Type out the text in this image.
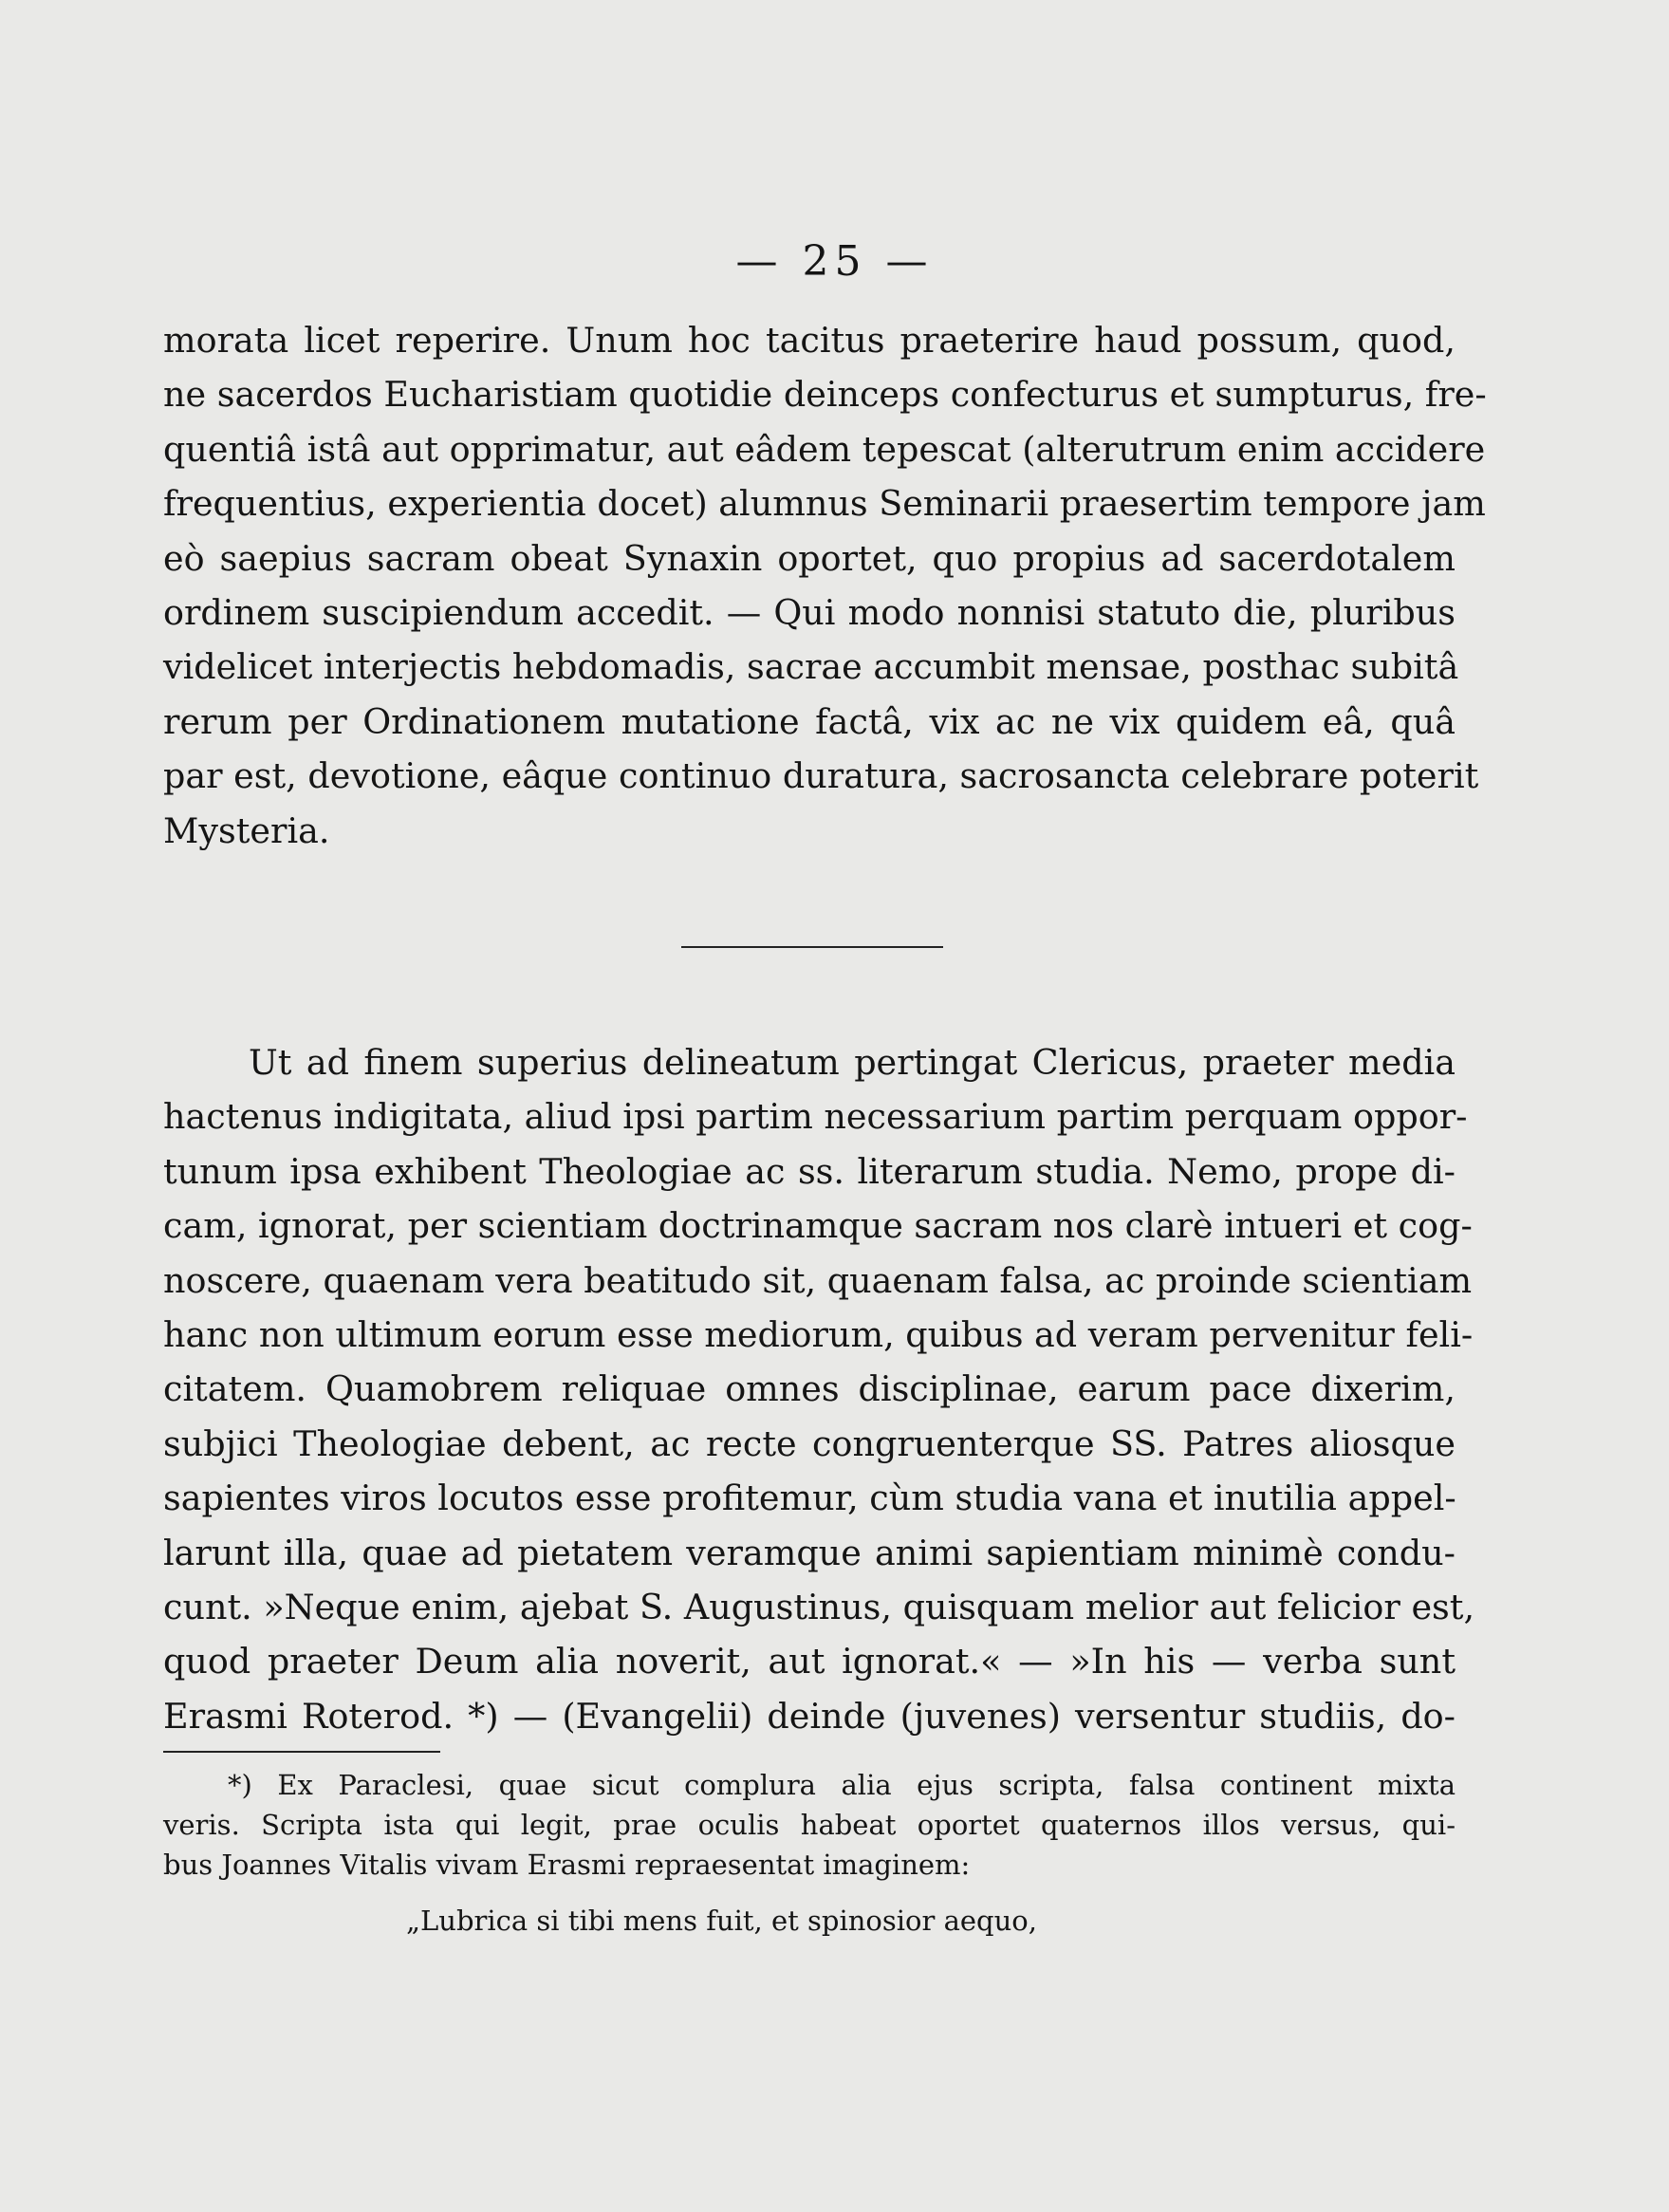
— 25 —
morata licet reperire. Unum hoc tacitus praeterire haud possum, quod,
ne sacerdos Eucharistiam quotidie deinceps confecturus et sumpturus, fre-
quentiâ istâ aut opprimatur, aut eâdem tepescat (alterutrum enim accidere
frequentius, experientia docet) alumnus Seminarii praesertim tempore jam
eò saepius sacram obeat Synaxin oportet, quo propius ad sacerdotalem
ordinem suscipiendum accedit. — Qui modo nonnisi statuto die, pluribus
videlicet interjectis hebdomadis, sacrae accumbit mensae, posthac subitâ
rerum per Ordinationem mutatione factâ, vix ac ne vix quidem eâ, quâ
par est, devotione, eâque continuo duratura, sacrosancta celebrare poterit
Mysteria.
Ut ad finem superius delineatum pertingat Clericus, praeter media
hactenus indigitata, aliud ipsi partim necessarium partim perquam oppor-
tunum ipsa exhibent Theologiae ac ss. literarum studia. Nemo, prope di-
cam, ignorat, per scientiam doctrinamque sacram nos clarè intueri et cog-
noscere, quaenam vera beatitudo sit, quaenam falsa, ac proinde scientiam
hanc non ultimum eorum esse mediorum, quibus ad veram pervenitur feli-
citatem. Quamobrem reliquae omnes disciplinae, earum pace dixerim,
subjici Theologiae debent, ac recte congruenterque SS. Patres aliosque
sapientes viros locutos esse profitemur, cùm studia vana et inutilia appel-
larunt illa, quae ad pietatem veramque animi sapientiam minimè condu-
cunt. »Neque enim, ajebat S. Augustinus, quisquam melior aut felicior est,
quod praeter Deum alia noverit, aut ignorat.« — »In his — verba sunt
Erasmi Roterod. *) — (Evangelii) deinde (juvenes) versentur studiis, do-
*) Ex Paraclesi, quae sicut complura alia ejus scripta, falsa continent mixta
veris. Scripta ista qui legit, prae oculis habeat oportet quaternos illos versus, qui-
bus Joannes Vitalis vivam Erasmi repraesentat imaginem:
„Lubrica si tibi mens fuit, et spinosior aequo,
